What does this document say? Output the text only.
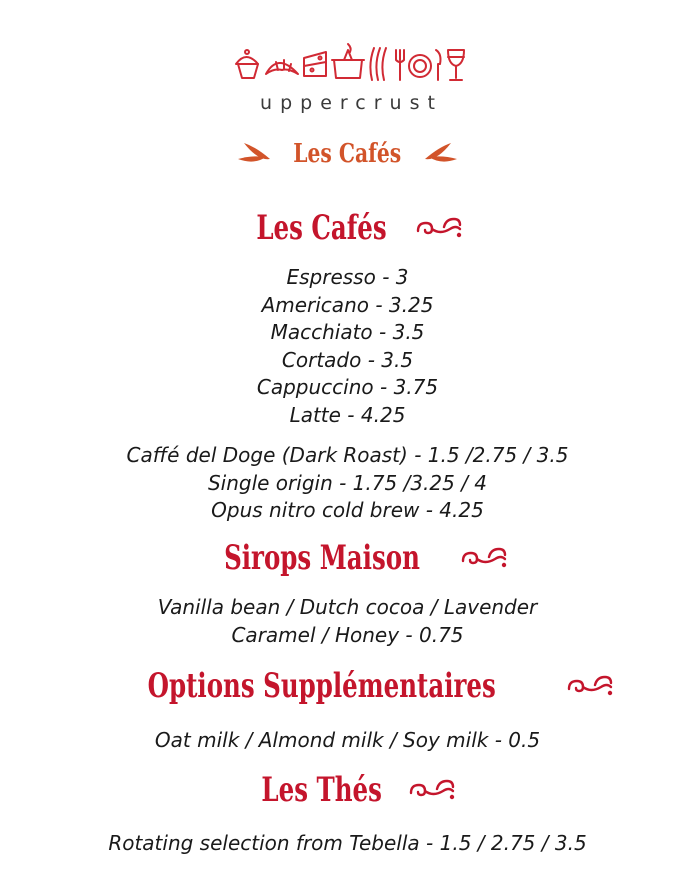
uppercrust
Les Cafés
Les Cafés
Espresso - 3
Americano - 3.25
Macchiato - 3.5
Cortado - 3.5
Cappuccino - 3.75
Latte - 4.25
Caffé del Doge (Dark Roast) - 1.5 /2.75 / 3.5
Single origin - 1.75 /3.25 / 4
Opus nitro cold brew - 4.25
Sirops Maison
Vanilla bean / Dutch cocoa / Lavender
Caramel / Honey - 0.75
Options Supplémentaires
Oat milk / Almond milk / Soy milk - 0.5
Les Thés
Rotating selection from Tebella - 1.5 / 2.75 / 3.5
